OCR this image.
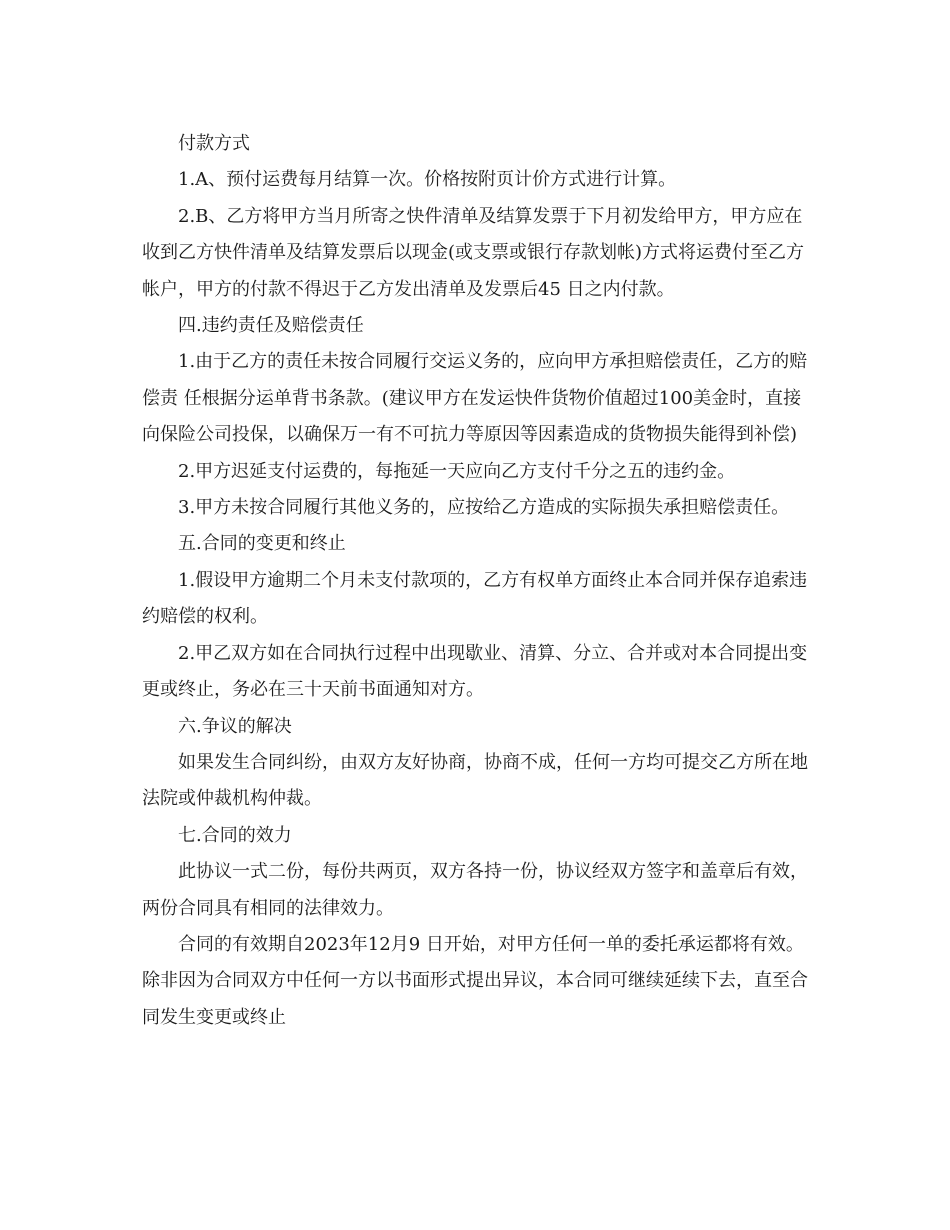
付款方式

1.A、预付运费每月结算一次。价格按附页计价方式进行计算。

2.B、乙方将甲方当月所寄之快件清单及结算发票于下月初发给甲方，甲方应在收到乙方快件清单及结算发票后以现金(或支票或银行存款划帐)方式将运费付至乙方帐户，甲方的付款不得迟于乙方发出清单及发票后45 日之内付款。

四.违约责任及赔偿责任

1.由于乙方的责任未按合同履行交运义务的，应向甲方承担赔偿责任，乙方的赔偿责 任根据分运单背书条款。(建议甲方在发运快件货物价值超过100美金时，直接向保险公司投保，以确保万一有不可抗力等原因等因素造成的货物损失能得到补偿)

2.甲方迟延支付运费的，每拖延一天应向乙方支付千分之五的违约金。

3.甲方未按合同履行其他义务的，应按给乙方造成的实际损失承担赔偿责任。

五.合同的变更和终止

1.假设甲方逾期二个月未支付款项的，乙方有权单方面终止本合同并保存追索违约赔偿的权利。

2.甲乙双方如在合同执行过程中出现歇业、清算、分立、合并或对本合同提出变更或终止，务必在三十天前书面通知对方。

六.争议的解决

如果发生合同纠纷，由双方友好协商，协商不成，任何一方均可提交乙方所在地法院或仲裁机构仲裁。

七.合同的效力

此协议一式二份，每份共两页，双方各持一份，协议经双方签字和盖章后有效，两份合同具有相同的法律效力。

合同的有效期自2023年12月9 日开始，对甲方任何一单的委托承运都将有效。 除非因为合同双方中任何一方以书面形式提出异议，本合同可继续延续下去，直至合同发生变更或终止
